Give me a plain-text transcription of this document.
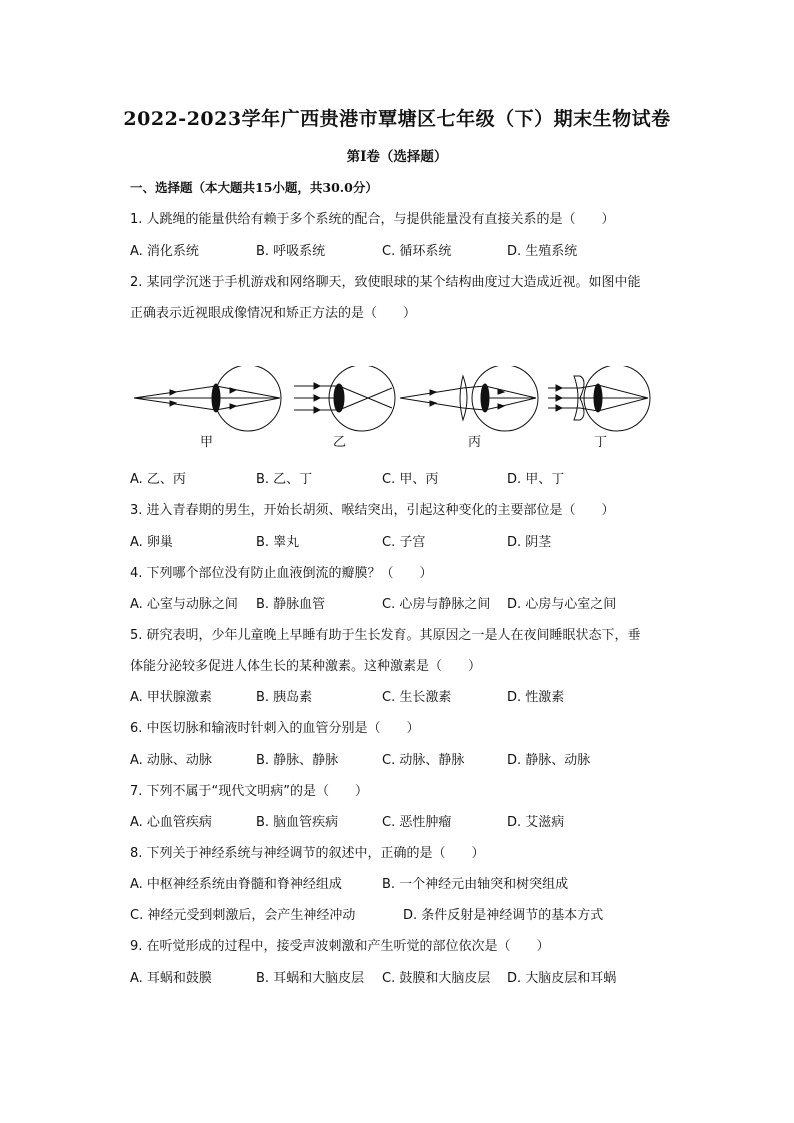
2022-2023学年广西贵港市覃塘区七年级（下）期末生物试卷
第I卷（选择题）
一、选择题（本大题共15小题，共30.0分）
1. 人跳绳的能量供给有赖于多个系统的配合，与提供能量没有直接关系的是（　　）
A. 消化系统	B. 呼吸系统	C. 循环系统	D. 生殖系统
2. 某同学沉迷于手机游戏和网络聊天，致使眼球的某个结构曲度过大造成近视。如图中能
正确表示近视眼成像情况和矫正方法的是（　　）
甲	乙	丙	丁
A. 乙、丙	B. 乙、丁	C. 甲、丙	D. 甲、丁
3. 进入青春期的男生，开始长胡须、喉结突出，引起这种变化的主要部位是（　　）
A. 卵巢	B. 睾丸	C. 子宫	D. 阴茎
4. 下列哪个部位没有防止血液倒流的瓣膜？（　　）
A. 心室与动脉之间 B. 静脉血管	C. 心房与静脉之间 D. 心房与心室之间
5. 研究表明，少年儿童晚上早睡有助于生长发育。其原因之一是人在夜间睡眠状态下，垂
体能分泌较多促进人体生长的某种激素。这种激素是（　　）
A. 甲状腺激素	B. 胰岛素	C. 生长激素	D. 性激素
6. 中医切脉和输液时针刺入的血管分别是（　　）
A. 动脉、动脉	B. 静脉、静脉	C. 动脉、静脉	D. 静脉、动脉
7. 下列不属于“现代文明病”的是（　　）
A. 心血管疾病	B. 脑血管疾病	C. 恶性肿瘤	D. 艾滋病
8. 下列关于神经系统与神经调节的叙述中，正确的是（　　）
A. 中枢神经系统由脊髓和脊神经组成	B. 一个神经元由轴突和树突组成
C. 神经元受到刺激后，会产生神经冲动	D. 条件反射是神经调节的基本方式
9. 在听觉形成的过程中，接受声波刺激和产生听觉的部位依次是（　　）
A. 耳蜗和鼓膜	B. 耳蜗和大脑皮层 C. 鼓膜和大脑皮层 D. 大脑皮层和耳蜗
